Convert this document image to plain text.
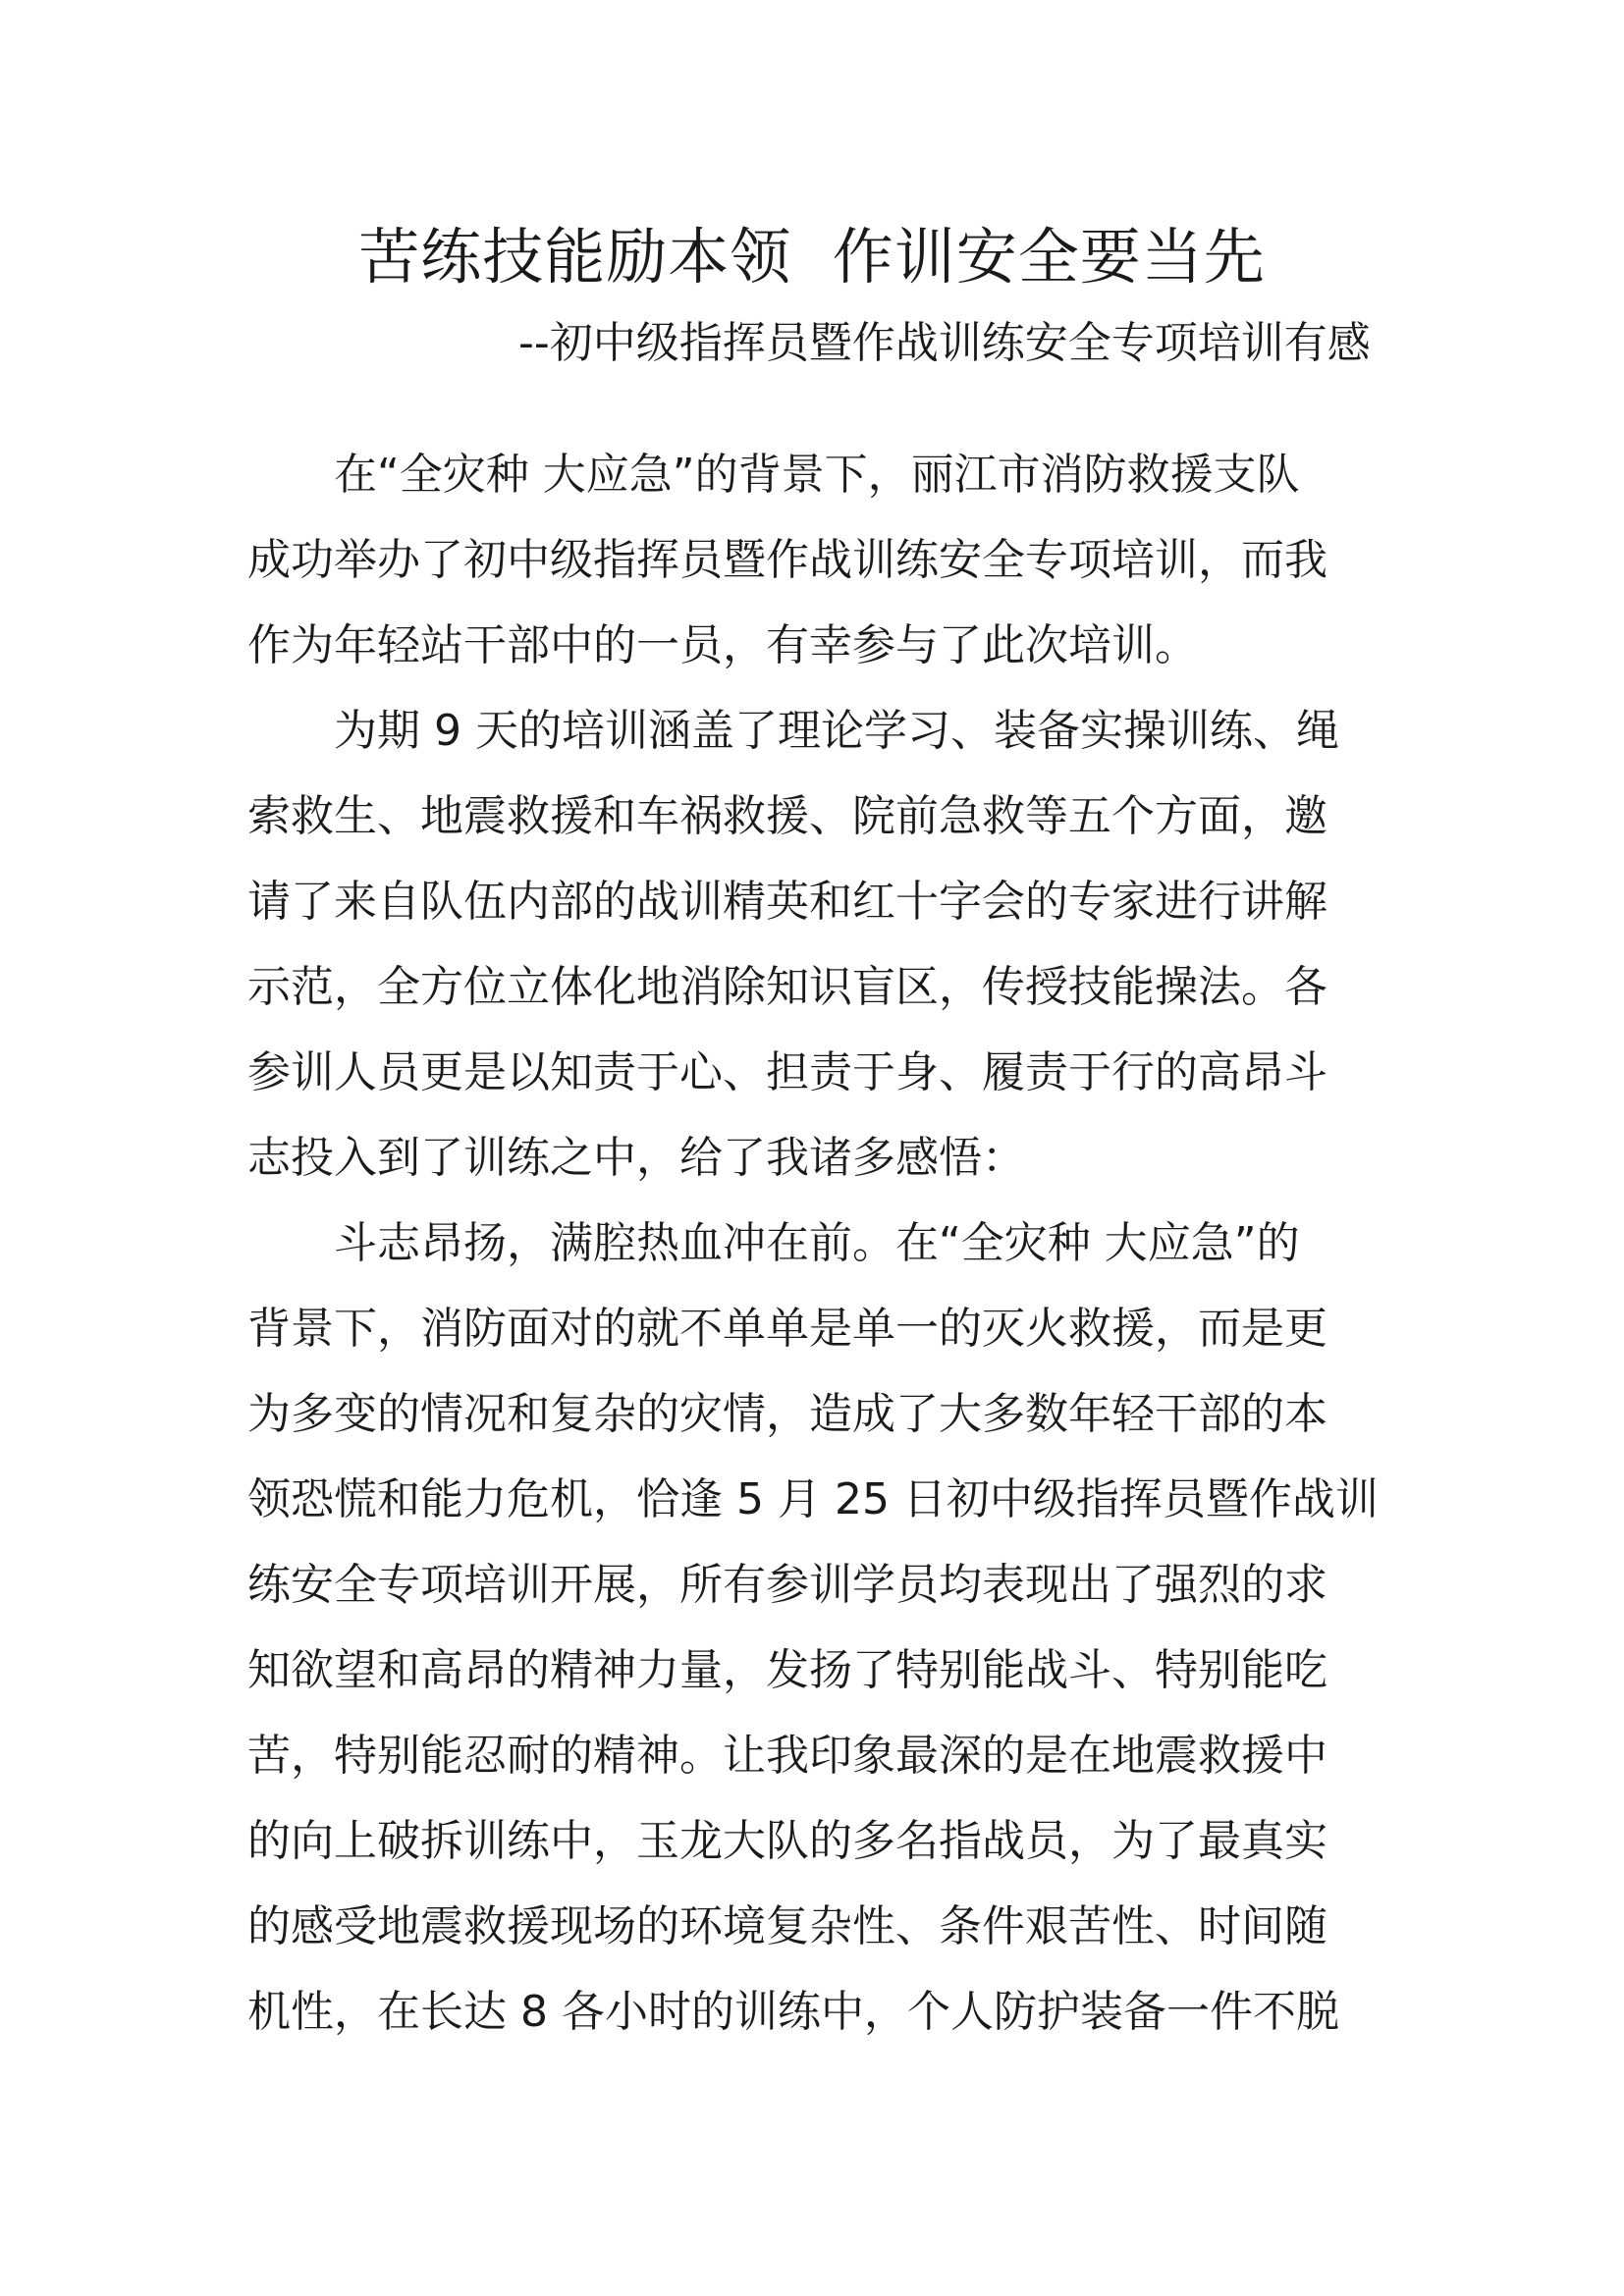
苦练技能励本领  作训安全要当先
--初中级指挥员暨作战训练安全专项培训有感
在“全灾种 大应急”的背景下，丽江市消防救援支队
成功举办了初中级指挥员暨作战训练安全专项培训，而我
作为年轻站干部中的一员，有幸参与了此次培训。
为期 9 天的培训涵盖了理论学习、装备实操训练、绳
索救生、地震救援和车祸救援、院前急救等五个方面，邀
请了来自队伍内部的战训精英和红十字会的专家进行讲解
示范，全方位立体化地消除知识盲区，传授技能操法。各
参训人员更是以知责于心、担责于身、履责于行的高昂斗
志投入到了训练之中，给了我诸多感悟：
斗志昂扬，满腔热血冲在前。在“全灾种 大应急”的
背景下，消防面对的就不单单是单一的灭火救援，而是更
为多变的情况和复杂的灾情，造成了大多数年轻干部的本
领恐慌和能力危机，恰逢 5 月 25 日初中级指挥员暨作战训
练安全专项培训开展，所有参训学员均表现出了强烈的求
知欲望和高昂的精神力量，发扬了特别能战斗、特别能吃
苦，特别能忍耐的精神。让我印象最深的是在地震救援中
的向上破拆训练中，玉龙大队的多名指战员，为了最真实
的感受地震救援现场的环境复杂性、条件艰苦性、时间随
机性，在长达 8 各小时的训练中，个人防护装备一件不脱
